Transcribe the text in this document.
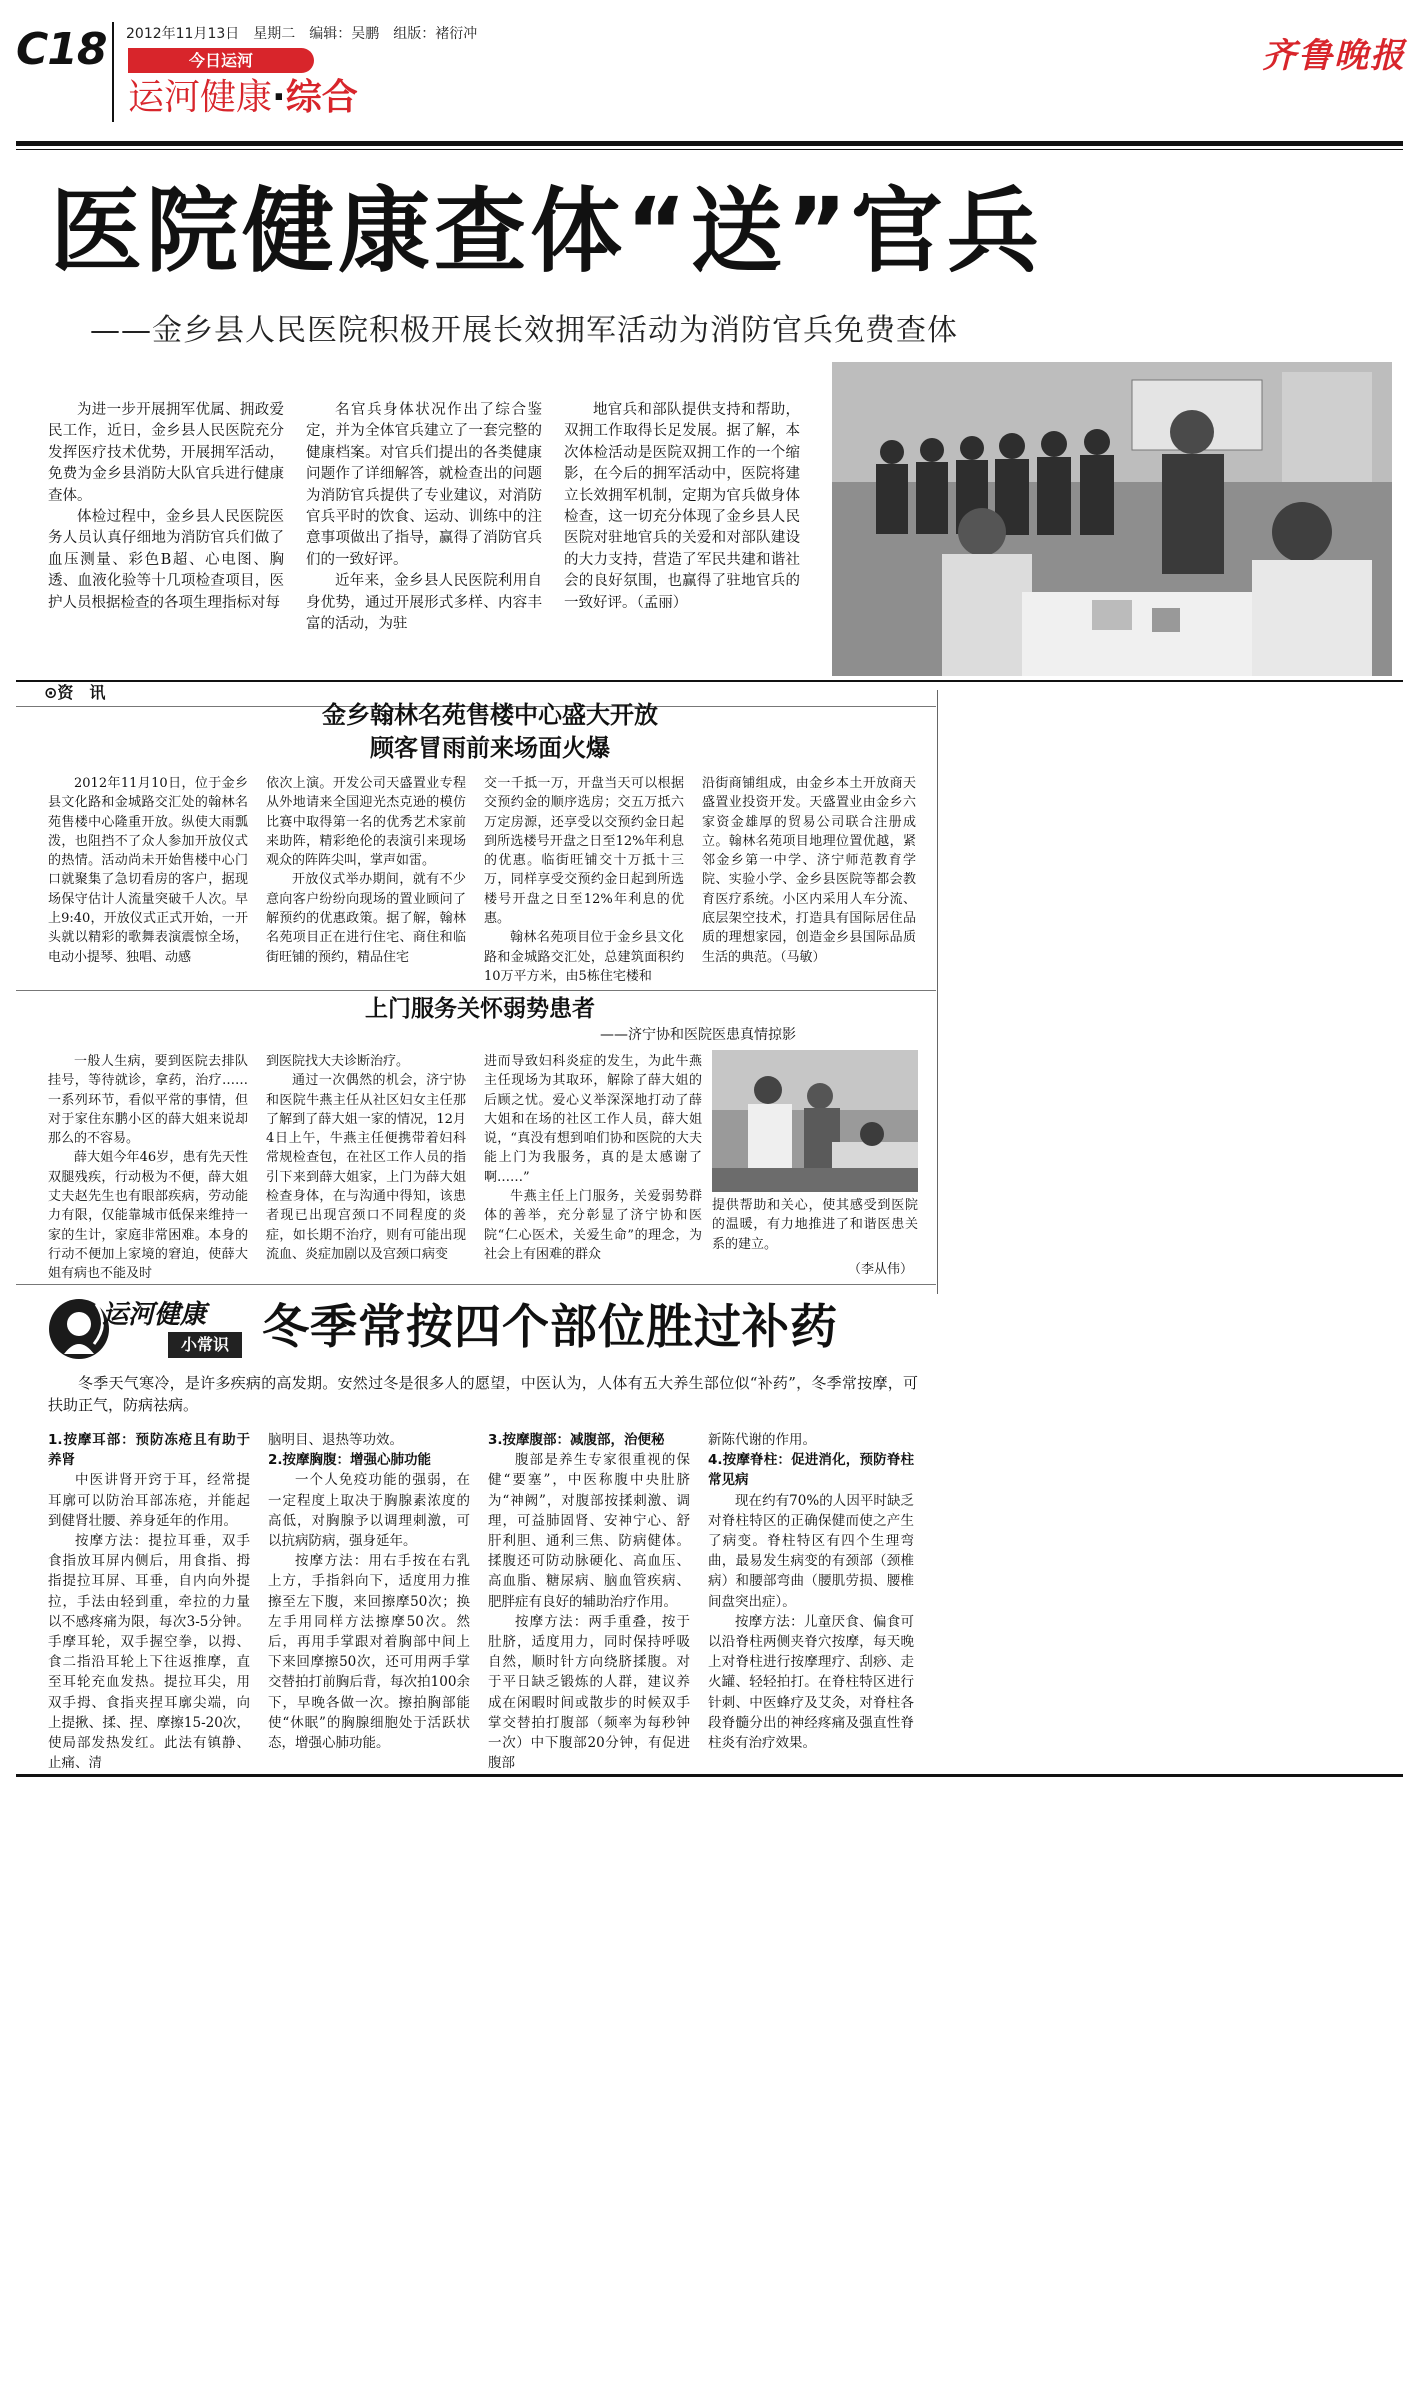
C18 2012年11月13日　星期二　编辑：吴鹏　组版：褚衍冲
今日运河
运河健康·综合
齐鲁晚报
医院健康查体“送”官兵
——金乡县人民医院积极开展长效拥军活动为消防官兵免费查体

为进一步开展拥军优属、拥政爱民工作，近日，金乡县人民医院充分发挥医疗技术优势，开展拥军活动，免费为金乡县消防大队官兵进行健康查体。

体检过程中，金乡县人民医院医务人员认真仔细地为消防官兵们做了血压测量、彩色B超、心电图、胸透、血液化验等十几项检查项目，医护人员根据检查的各项生理指标对每

名官兵身体状况作出了综合鉴定，并为全体官兵建立了一套完整的健康档案。对官兵们提出的各类健康问题作了详细解答，就检查出的问题为消防官兵提供了专业建议，对消防官兵平时的饮食、运动、训练中的注意事项做出了指导，赢得了消防官兵们的一致好评。

近年来，金乡县人民医院利用自身优势，通过开展形式多样、内容丰富的活动，为驻

地官兵和部队提供支持和帮助，双拥工作取得长足发展。据了解，本次体检活动是医院双拥工作的一个缩影，在今后的拥军活动中，医院将建立长效拥军机制，定期为官兵做身体检查，这一切充分体现了金乡县人民医院对驻地官兵的关爱和对部队建设的大力支持，营造了军民共建和谐社会的良好氛围，也赢得了驻地官兵的一致好评。（孟丽）

⊙资　讯
金乡翰林名苑售楼中心盛大开放
顾客冒雨前来场面火爆

2012年11月10日，位于金乡县文化路和金城路交汇处的翰林名苑售楼中心隆重开放。纵使大雨瓢泼，也阻挡不了众人参加开放仪式的热情。活动尚未开始售楼中心门口就聚集了急切看房的客户，据现场保守估计人流量突破千人次。早上9:40，开放仪式正式开始，一开头就以精彩的歌舞表演震惊全场，电动小提琴、独唱、动感

依次上演。开发公司天盛置业专程从外地请来全国迎光杰克逊的模仿比赛中取得第一名的优秀艺术家前来助阵，精彩绝伦的表演引来现场观众的阵阵尖叫，掌声如雷。

开放仪式举办期间，就有不少意向客户纷纷向现场的置业顾问了解预约的优惠政策。据了解，翰林名苑项目正在进行住宅、商住和临街旺铺的预约，精品住宅

交一千抵一万，开盘当天可以根据交预约金的顺序选房；交五万抵六万定房源，还享受以交预约金日起到所选楼号开盘之日至12%年利息的优惠。临街旺铺交十万抵十三万，同样享受交预约金日起到所选楼号开盘之日至12%年利息的优惠。

翰林名苑项目位于金乡县文化路和金城路交汇处，总建筑面积约10万平方米，由5栋住宅楼和

沿街商铺组成，由金乡本土开放商天盛置业投资开发。天盛置业由金乡六家资金雄厚的贸易公司联合注册成立。翰林名苑项目地理位置优越，紧邻金乡第一中学、济宁师范教育学院、实验小学、金乡县医院等都会教育医疗系统。小区内采用人车分流、底层架空技术，打造具有国际居住品质的理想家园，创造金乡县国际品质生活的典范。（马敏）

上门服务关怀弱势患者
——济宁协和医院医患真情掠影

一般人生病，要到医院去排队挂号，等待就诊，拿药，治疗……一系列环节，看似平常的事情，但对于家住东鹏小区的薛大姐来说却那么的不容易。

薛大姐今年46岁，患有先天性双腿残疾，行动极为不便，薛大姐丈夫赵先生也有眼部疾病，劳动能力有限，仅能靠城市低保来维持一家的生计，家庭非常困难。本身的行动不便加上家境的窘迫，使薛大姐有病也不能及时

到医院找大夫诊断治疗。

通过一次偶然的机会，济宁协和医院牛燕主任从社区妇女主任那了解到了薛大姐一家的情况，12月4日上午，牛燕主任便携带着妇科常规检查包，在社区工作人员的指引下来到薛大姐家，上门为薛大姐检查身体，在与沟通中得知，该患者现已出现宫颈口不同程度的炎症，如长期不治疗，则有可能出现流血、炎症加剧以及宫颈口病变

进而导致妇科炎症的发生，为此牛燕主任现场为其取环，解除了薛大姐的后顾之忧。爱心义举深深地打动了薛大姐和在场的社区工作人员，薛大姐说，“真没有想到咱们协和医院的大夫能上门为我服务，真的是太感谢了啊……”

牛燕主任上门服务，关爱弱势群体的善举，充分彰显了济宁协和医院“仁心医术，关爱生命”的理念，为社会上有困难的群众

提供帮助和关心，使其感受到医院的温暖，有力地推进了和谐医患关系的建立。

（李从伟）
运河健康
小常识 冬季常按四个部位胜过补药

冬季天气寒冷，是许多疾病的高发期。安然过冬是很多人的愿望，中医认为，人体有五大养生部位似“补药”，冬季常按摩，可扶助正气，防病祛病。

1.按摩耳部：预防冻疮且有助于养肾

中医讲肾开窍于耳，经常提耳廓可以防治耳部冻疮，并能起到健肾壮腰、养身延年的作用。

按摩方法：提拉耳垂，双手食指放耳屏内侧后，用食指、拇指提拉耳屏、耳垂，自内向外提拉，手法由轻到重，牵拉的力量以不感疼痛为限，每次3-5分钟。手摩耳轮，双手握空拳，以拇、食二指沿耳轮上下往返推摩，直至耳轮充血发热。提拉耳尖，用双手拇、食指夹捏耳廓尖端，向上提揪、揉、捏、摩擦15-20次，使局部发热发红。此法有镇静、止痛、清

脑明目、退热等功效。

2.按摩胸腹：增强心肺功能

一个人免疫功能的强弱，在一定程度上取决于胸腺素浓度的高低，对胸腺予以调理刺激，可以抗病防病，强身延年。

按摩方法：用右手按在右乳上方，手指斜向下，适度用力推擦至左下腹，来回擦摩50次；换左手用同样方法擦摩50次。然后，再用手掌跟对着胸部中间上下来回摩擦50次，还可用两手掌交替拍打前胸后背，每次拍100余下，早晚各做一次。擦拍胸部能使“休眠”的胸腺细胞处于活跃状态，增强心肺功能。

3.按摩腹部：减腹部，治便秘

腹部是养生专家很重视的保健“要塞”，中医称腹中央肚脐为“神阙”，对腹部按揉刺激、调理，可益肺固肾、安神宁心、舒肝利胆、通利三焦、防病健体。揉腹还可防动脉硬化、高血压、高血脂、糖尿病、脑血管疾病、肥胖症有良好的辅助治疗作用。

按摩方法：两手重叠，按于肚脐，适度用力，同时保持呼吸自然，顺时针方向绕脐揉腹。对于平日缺乏锻炼的人群，建议养成在闲暇时间或散步的时候双手掌交替拍打腹部（频率为每秒钟一次）中下腹部20分钟，有促进腹部

新陈代谢的作用。

4.按摩脊柱：促进消化，预防脊柱常见病

现在约有70%的人因平时缺乏对脊柱特区的正确保健而使之产生了病变。脊柱特区有四个生理弯曲，最易发生病变的有颈部（颈椎病）和腰部弯曲（腰肌劳损、腰椎间盘突出症）。

按摩方法：儿童厌食、偏食可以沿脊柱两侧夹脊穴按摩，每天晚上对脊柱进行按摩理疗、刮痧、走火罐、轻轻拍打。在脊柱特区进行针刺、中医蜂疗及艾灸，对脊柱各段脊髓分出的神经疼痛及强直性脊柱炎有治疗效果。
